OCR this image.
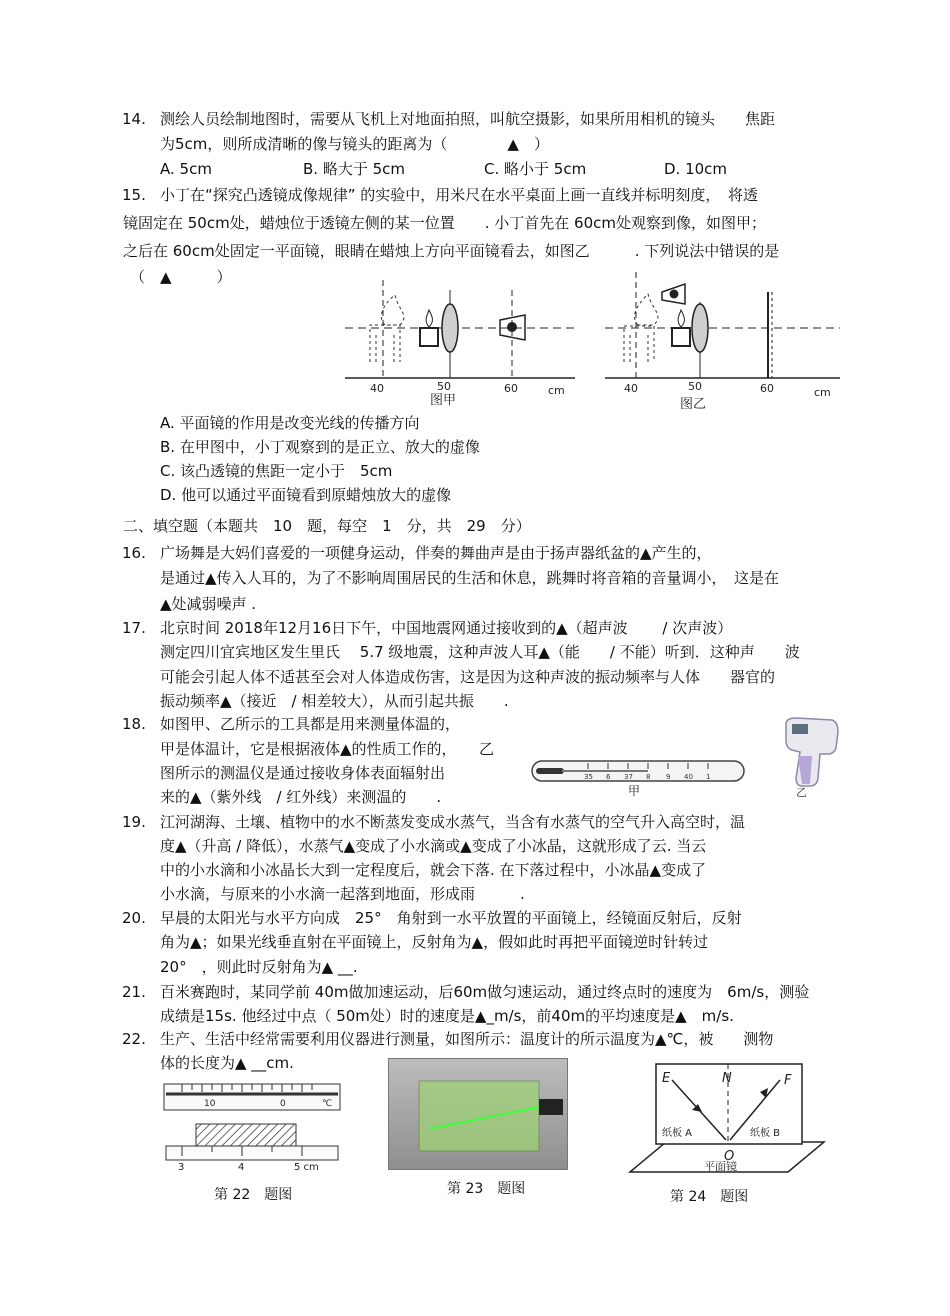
14. 测绘人员绘制地图时，需要从飞机上对地面拍照，叫航空摄影，如果所用相机的镜头　　焦距
为5cm，则所成清晰的像与镜头的距离为（　　　　▲　）
A. 5cm	B. 略大于 5cm	C. 略小于 5cm	D. 10cm
15. 小丁在“探究凸透镜成像规律” 的实验中，用米尺在水平桌面上画一直线并标明刻度，　将透
镜固定在 50cm处，蜡烛位于透镜左侧的某一位置　　. 小丁首先在 60cm处观察到像，如图甲；
之后在 60cm处固定一平面镜，眼睛在蜡烛上方向平面镜看去，如图乙　　　. 下列说法中错误的是
（　▲　　　）
40	50	60	cm
图甲
40	50	60	cm
图乙
A. 平面镜的作用是改变光线的传播方向
B. 在甲图中，小丁观察到的是正立、放大的虚像
C. 该凸透镜的焦距一定小于　5cm
D. 他可以通过平面镜看到原蜡烛放大的虚像
二、填空题（本题共　10　题，每空　1　分，共　29　分）
16. 广场舞是大妈们喜爱的一项健身运动，伴奏的舞曲声是由于扬声器纸盆的▲产生的，
是通过▲传入人耳的，为了不影响周围居民的生活和休息，跳舞时将音箱的音量调小，　这是在
▲处减弱噪声 .
17. 北京时间 2018年12月16日下午，中国地震网通过接收到的▲（超声波　　 / 次声波）
测定四川宜宾地区发生里氏　 5.7 级地震，这种声波人耳▲（能　　/ 不能）听到．这种声　　波
可能会引起人体不适甚至会对人体造成伤害，这是因为这种声波的振动频率与人体　　器官的
振动频率▲（接近　/ 相差较大），从而引起共振　　.
18. 如图甲、乙所示的工具都是用来测量体温的，
甲是体温计，它是根据液体▲的性质工作的，　　乙
图所示的测温仪是通过接收身体表面辐射出
来的▲（紫外线　/ 红外线）来测温的　　.
35 6 37 8 9 40 1
甲	乙
19. 江河湖海、土壤、植物中的水不断蒸发变成水蒸气，当含有水蒸气的空气升入高空时，温
度▲（升高 / 降低），水蒸气▲变成了小水滴或▲变成了小冰晶，这就形成了云. 当云
中的小水滴和小冰晶长大到一定程度后，就会下落. 在下落过程中，小冰晶▲变成了
小水滴，与原来的小水滴一起落到地面，形成雨　　　.
20. 早晨的太阳光与水平方向成　25°　角射到一水平放置的平面镜上，经镜面反射后，反射
角为▲；如果光线垂直射在平面镜上，反射角为▲，假如此时再把平面镜逆时针转过
20°　，则此时反射角为▲ __.
21. 百米赛跑时，某同学前 40m做加速运动，后60m做匀速运动，通过终点时的速度为　6m/s，测验
成绩是15s. 他经过中点（ 50m处）时的速度是▲_m/s，前40m的平均速度是▲　m/s.
22. 生产、生活中经常需要利用仪器进行测量，如图所示：温度计的所示温度为▲℃，被　　测物
体的长度为▲ __cm.
10	0	℃
3	4	5 cm
第 22　题图	第 23　题图
E	N	F
O
纸板 A	纸板 B
平面镜
第 24　题图
